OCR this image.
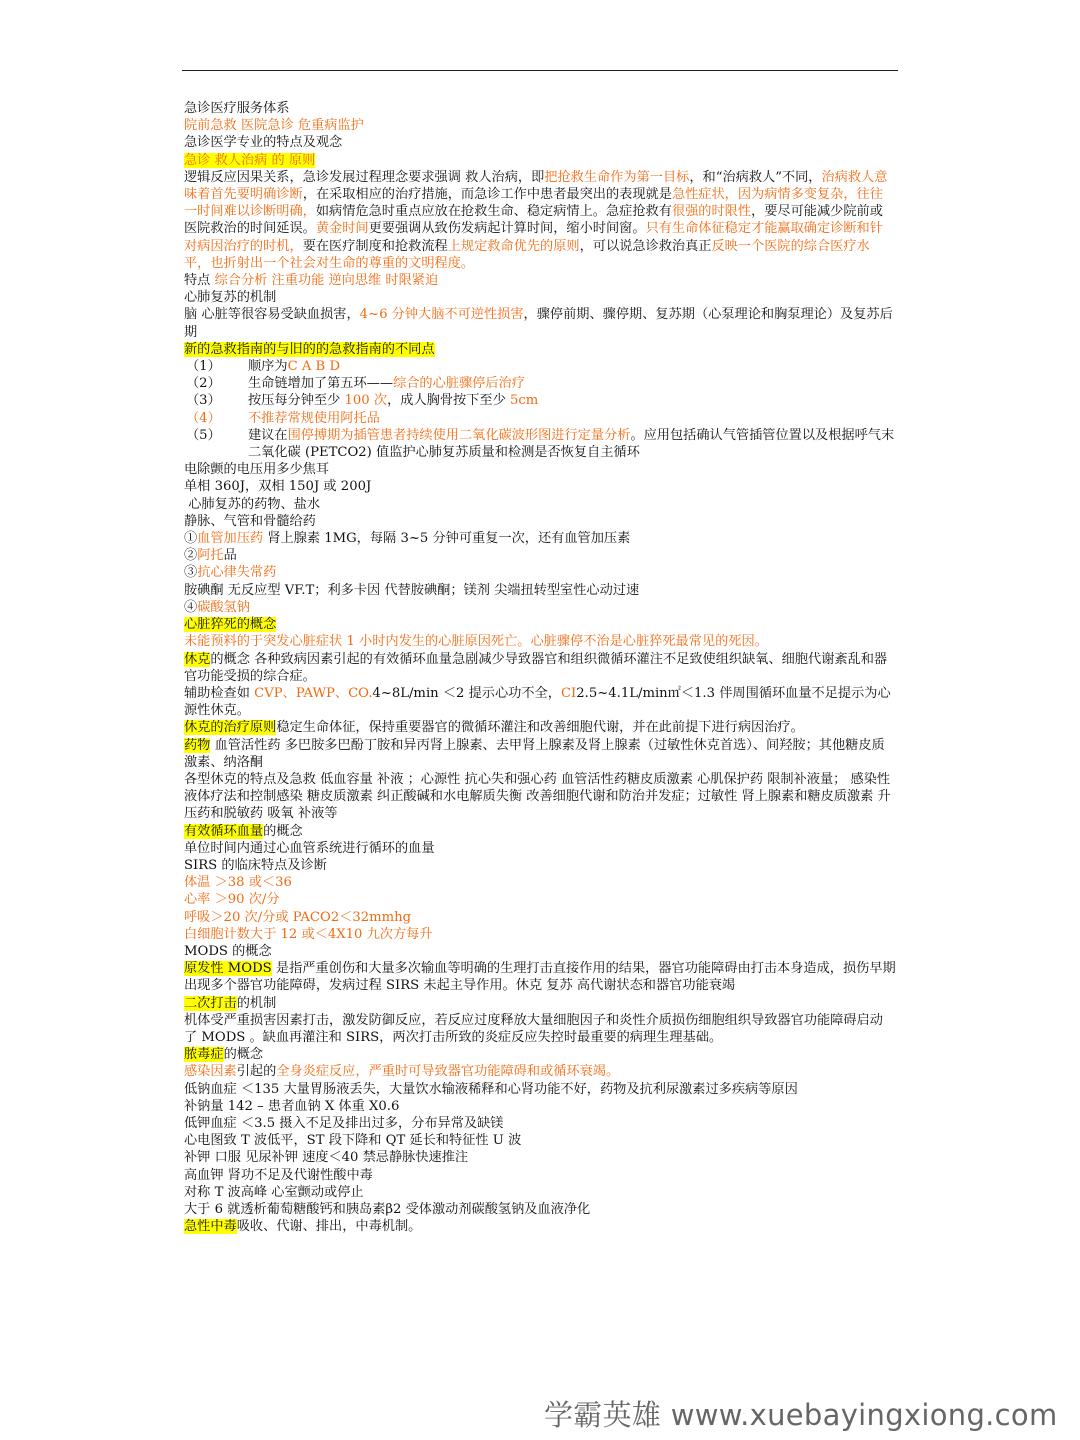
急诊医疗服务体系

院前急救 医院急诊 危重病监护

急诊医学专业的特点及观念

急诊 救人治病 的 原则

逻辑反应因果关系，急诊发展过程理念要求强调 救人治病，即把抢救生命作为第一目标，和“治病救人”不同，治病救人意味着首先要明确诊断，在采取相应的治疗措施，而急诊工作中患者最突出的表现就是急性症状，因为病情多变复杂，往往一时间难以诊断明确，如病情危急时重点应放在抢救生命、稳定病情上。急症抢救有很强的时限性，要尽可能减少院前或医院救治的时间延误。黄金时间更要强调从致伤发病起计算时间，缩小时间窗。只有生命体征稳定才能赢取确定诊断和针对病因治疗的时机，要在医疗制度和抢救流程上规定救命优先的原则，可以说急诊救治真正反映一个医院的综合医疗水平，也折射出一个社会对生命的尊重的文明程度。

特点 综合分析 注重功能 逆向思维 时限紧迫

心肺复苏的机制

脑 心脏等很容易受缺血损害，4~6 分钟大脑不可逆性损害，骤停前期、骤停期、复苏期（心泵理论和胸泵理论）及复苏后期

新的急救指南的与旧的的急救指南的不同点

（1）	顺序为C A B D
（2）	生命链增加了第五环——综合的心脏骤停后治疗
（3）	按压每分钟至少 100 次，成人胸骨按下至少 5cm
（4）	不推荐常规使用阿托品
（5）	建议在围停搏期为插管患者持续使用二氧化碳波形图进行定量分析。应用包括确认气管插管位置以及根据呼气末二氧化碳 (PETCO2) 值监护心肺复苏质量和检测是否恢复自主循环

电除颤的电压用多少焦耳

单相 360J，双相 150J 或 200J

心肺复苏的药物、盐水

静脉、气管和骨髓给药

①血管加压药 肾上腺素 1MG，每隔 3~5 分钟可重复一次，还有血管加压素

②阿托品

③抗心律失常药

胺碘酮 无反应型 VF.T；利多卡因 代替胺碘酮；镁剂 尖端扭转型室性心动过速

④碳酸氢钠

心脏猝死的概念

未能预料的于突发心脏症状 1 小时内发生的心脏原因死亡。心脏骤停不治是心脏猝死最常见的死因。

休克的概念 各种致病因素引起的有效循环血量急剧减少导致器官和组织微循环灌注不足致使组织缺氧、细胞代谢紊乱和器官功能受损的综合症。

辅助检查如 CVP、PAWP、CO.4~8L/min ＜2 提示心功不全，CI2.5~4.1L/min㎡＜1.3 伴周围循环血量不足提示为心源性休克。

休克的治疗原则稳定生命体征，保持重要器官的微循环灌注和改善细胞代谢，并在此前提下进行病因治疗。

药物 血管活性药 多巴胺多巴酚丁胺和异丙肾上腺素、去甲肾上腺素及肾上腺素（过敏性休克首选）、间羟胺；其他糖皮质激素、纳洛酮

各型休克的特点及急救 低血容量 补液 ；心源性 抗心失和强心药 血管活性药糖皮质激素 心肌保护药 限制补液量； 感染性 液体疗法和控制感染 糖皮质激素 纠正酸碱和水电解质失衡 改善细胞代谢和防治并发症；过敏性 肾上腺素和糖皮质激素 升压药和脱敏药 吸氧 补液等

有效循环血量的概念

单位时间内通过心血管系统进行循环的血量

SIRS 的临床特点及诊断

体温 ＞38 或＜36

心率 ＞90 次/分

呼吸＞20 次/分或 PACO2＜32mmhg

白细胞计数大于 12 或＜4X10 九次方每升

MODS 的概念

原发性 MODS 是指严重创伤和大量多次输血等明确的生理打击直接作用的结果，器官功能障碍由打击本身造成，损伤早期出现多个器官功能障碍，发病过程 SIRS 未起主导作用。休克 复苏 高代谢状态和器官功能衰竭

二次打击的机制

机体受严重损害因素打击，激发防御反应，若反应过度释放大量细胞因子和炎性介质损伤细胞组织导致器官功能障碍启动了 MODS 。缺血再灌注和 SIRS，两次打击所致的炎症反应失控时最重要的病理生理基础。

脓毒症的概念

感染因素引起的全身炎症反应，严重时可导致器官功能障碍和或循环衰竭。

低钠血症 ＜135 大量胃肠液丢失，大量饮水输液稀释和心肾功能不好，药物及抗利尿激素过多疾病等原因

补钠量 142 – 患者血钠 X 体重 X0.6

低钾血症 ＜3.5 摄入不足及排出过多，分布异常及缺镁

心电图致 T 波低平，ST 段下降和 QT 延长和特征性 U 波

补钾 口服 见尿补钾 速度＜40 禁忌静脉快速推注

高血钾 肾功不足及代谢性酸中毒

对称 T 波高峰 心室颤动或停止

大于 6 就透析葡萄糖酸钙和胰岛素β2 受体激动剂碳酸氢钠及血液净化

急性中毒吸收、代谢、排出，中毒机制。

学霸英雄 www.xuebayingxiong.com
